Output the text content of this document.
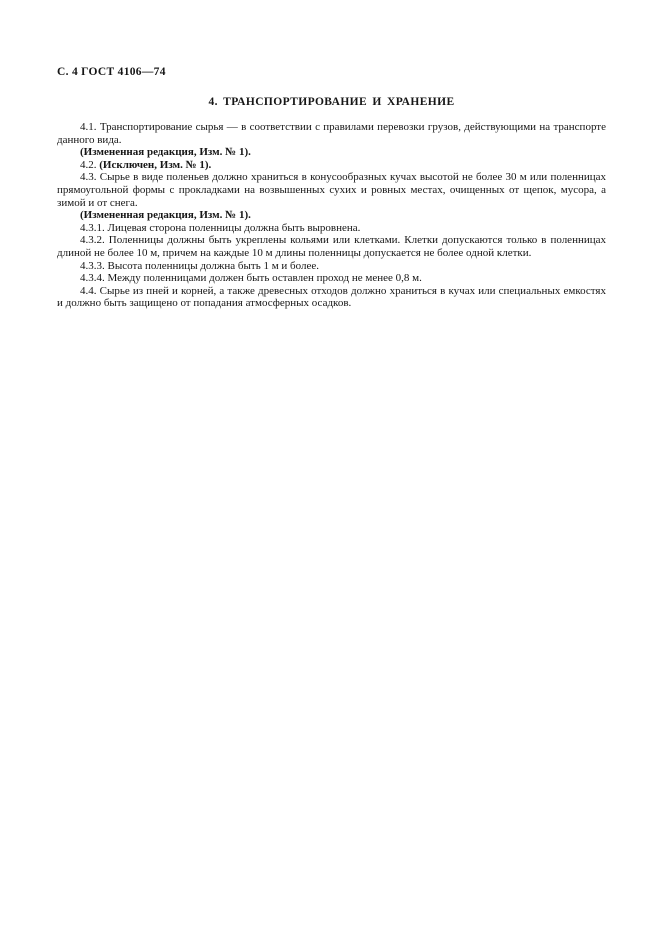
С. 4 ГОСТ 4106—74
4. ТРАНСПОРТИРОВАНИЕ И ХРАНЕНИЕ

4.1. Транспортирование сырья — в соответствии с правилами перевозки грузов, действующими на транспорте данного вида.

(Измененная редакция, Изм. № 1).

4.2. (Исключен, Изм. № 1).

4.3. Сырье в виде поленьев должно храниться в конусообразных кучах высотой не более 30 м или поленницах прямоугольной формы с прокладками на возвышенных сухих и ровных местах, очищенных от щепок, мусора, а зимой и от снега.

(Измененная редакция, Изм. № 1).

4.3.1. Лицевая сторона поленницы должна быть выровнена.

4.3.2. Поленницы должны быть укреплены кольями или клетками. Клетки допускаются только в поленницах длиной не более 10 м, причем на каждые 10 м длины поленницы допускается не более одной клетки.

4.3.3. Высота поленницы должна быть 1 м и более.

4.3.4. Между поленницами должен быть оставлен проход не менее 0,8 м.

4.4. Сырье из пней и корней, а также древесных отходов должно храниться в кучах или специальных емкостях и должно быть защищено от попадания атмосферных осадков.
